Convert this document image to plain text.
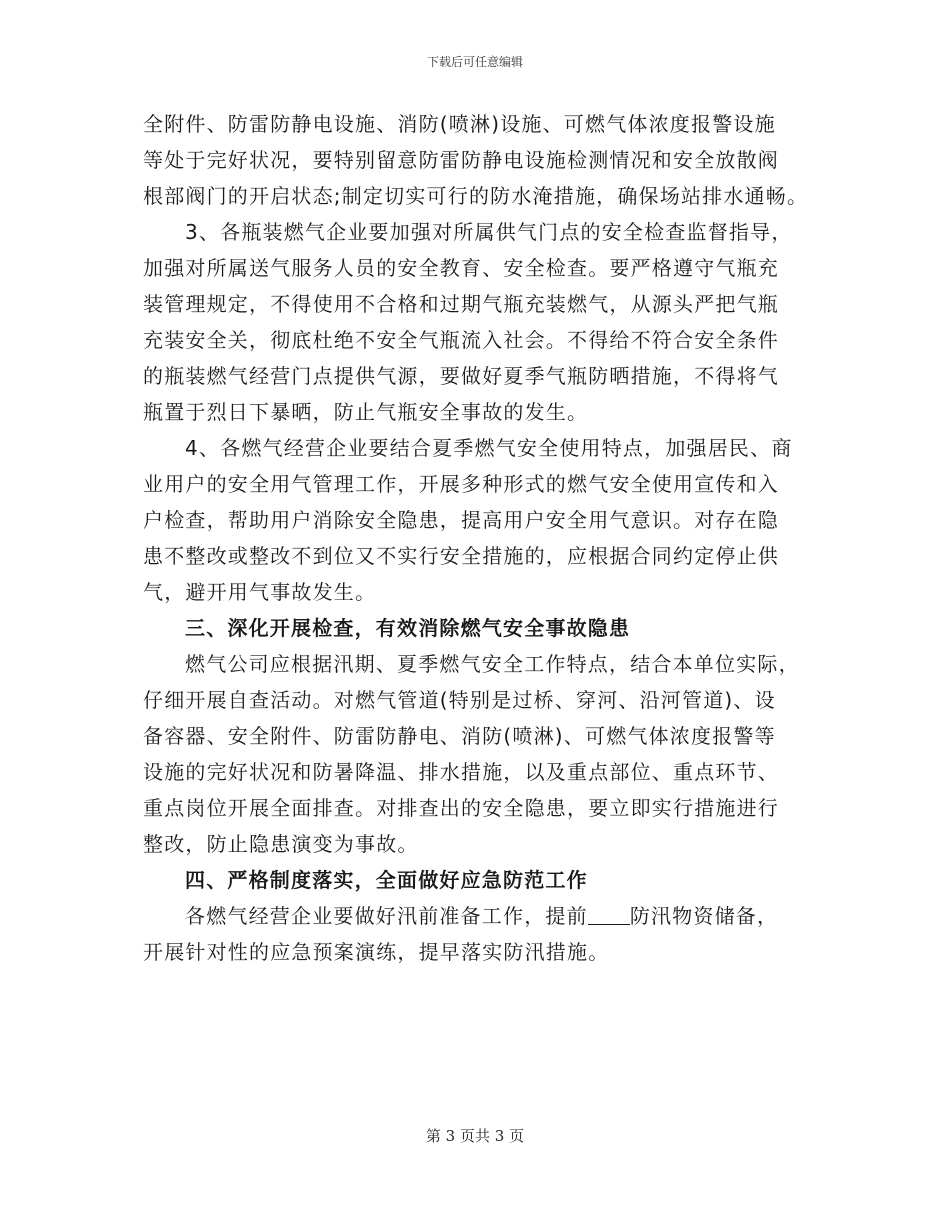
下载后可任意编辑
全附件、防雷防静电设施、消防(喷淋)设施、可燃气体浓度报警设施
等处于完好状况，要特别留意防雷防静电设施检测情况和安全放散阀
根部阀门的开启状态;制定切实可行的防水淹措施，确保场站排水通畅。
3、各瓶装燃气企业要加强对所属供气门点的安全检查监督指导，
加强对所属送气服务人员的安全教育、安全检查。要严格遵守气瓶充
装管理规定，不得使用不合格和过期气瓶充装燃气，从源头严把气瓶
充装安全关，彻底杜绝不安全气瓶流入社会。不得给不符合安全条件
的瓶装燃气经营门点提供气源，要做好夏季气瓶防晒措施，不得将气
瓶置于烈日下暴晒，防止气瓶安全事故的发生。
4、各燃气经营企业要结合夏季燃气安全使用特点，加强居民、商
业用户的安全用气管理工作，开展多种形式的燃气安全使用宣传和入
户检查，帮助用户消除安全隐患，提高用户安全用气意识。对存在隐
患不整改或整改不到位又不实行安全措施的，应根据合同约定停止供
气，避开用气事故发生。
三、深化开展检查，有效消除燃气安全事故隐患
燃气公司应根据汛期、夏季燃气安全工作特点，结合本单位实际，
仔细开展自查活动。对燃气管道(特别是过桥、穿河、沿河管道)、设
备容器、安全附件、防雷防静电、消防(喷淋)、可燃气体浓度报警等
设施的完好状况和防暑降温、排水措施，以及重点部位、重点环节、
重点岗位开展全面排查。对排查出的安全隐患，要立即实行措施进行
整改，防止隐患演变为事故。
四、严格制度落实，全面做好应急防范工作
各燃气经营企业要做好汛前准备工作，提前 防汛物资储备，
开展针对性的应急预案演练，提早落实防汛措施。
第 3 页共 3 页
